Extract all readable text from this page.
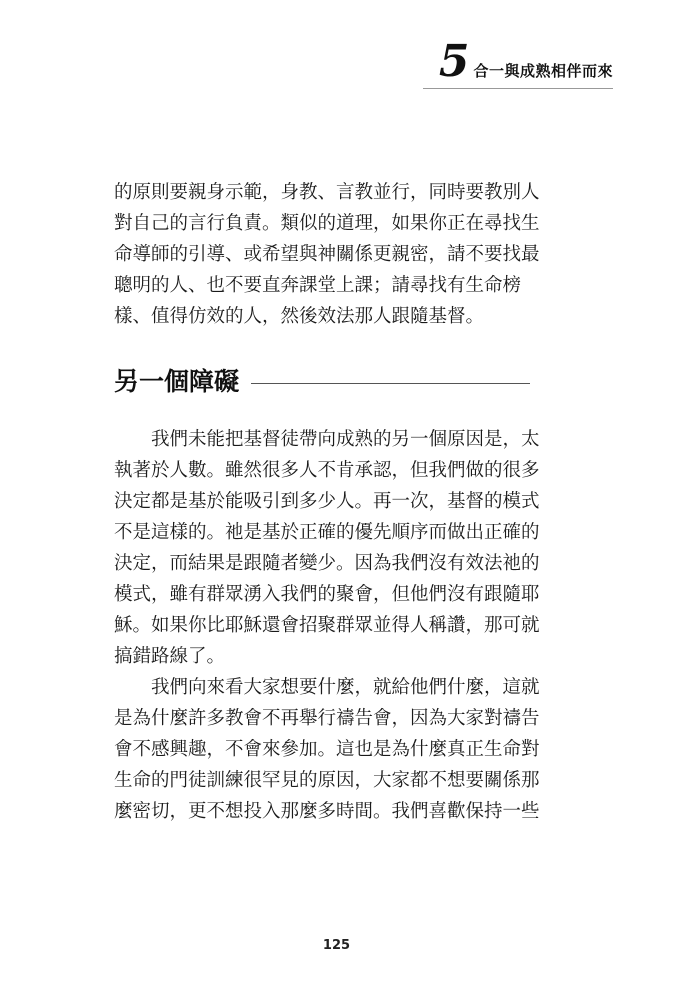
5 合一與成熟相伴而來
的原則要親身示範，身教、言教並行，同時要教別人
對自己的言行負責。類似的道理，如果你正在尋找生
命導師的引導、或希望與神關係更親密，請不要找最
聰明的人、也不要直奔課堂上課；請尋找有生命榜
樣、值得仿效的人，然後效法那人跟隨基督。
另一個障礙
　　我們未能把基督徒帶向成熟的另一個原因是，太
執著於人數。雖然很多人不肯承認，但我們做的很多
決定都是基於能吸引到多少人。再一次，基督的模式
不是這樣的。祂是基於正確的優先順序而做出正確的
決定，而結果是跟隨者變少。因為我們沒有效法祂的
模式，雖有群眾湧入我們的聚會，但他們沒有跟隨耶
穌。如果你比耶穌還會招聚群眾並得人稱讚，那可就
搞錯路線了。
　　我們向來看大家想要什麼，就給他們什麼，這就
是為什麼許多教會不再舉行禱告會，因為大家對禱告
會不感興趣，不會來參加。這也是為什麼真正生命對
生命的門徒訓練很罕見的原因，大家都不想要關係那
麼密切，更不想投入那麼多時間。我們喜歡保持一些
125
